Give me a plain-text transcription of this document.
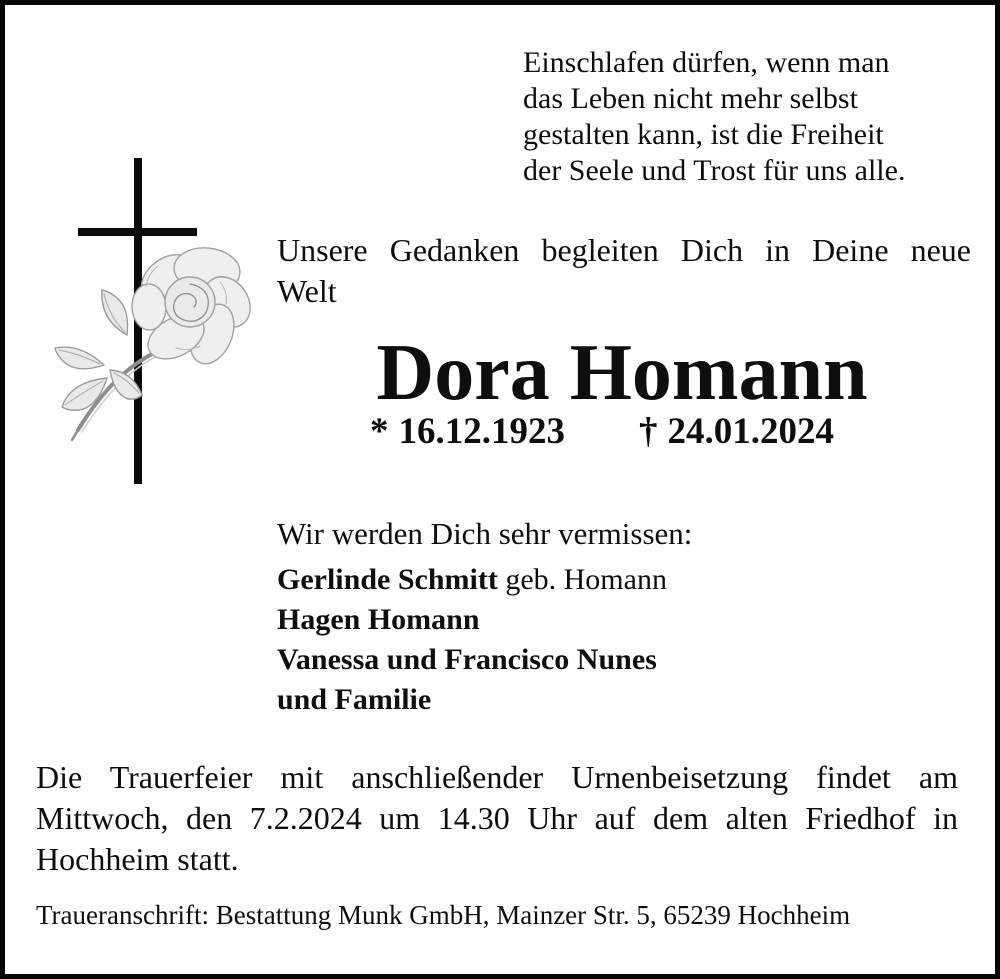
Einschlafen dürfen, wenn man
das Leben nicht mehr selbst
gestalten kann, ist die Freiheit
der Seele und Trost für uns alle.
Unsere Gedanken begleiten Dich in Deine neue
Welt
Dora Homann
* 16.12.1923 † 24.01.2024
Wir werden Dich sehr vermissen:
Gerlinde Schmitt geb. Homann
Hagen Homann
Vanessa und Francisco Nunes
und Familie
Die Trauerfeier mit anschließender Urnenbeisetzung findet am
Mittwoch, den 7.2.2024 um 14.30 Uhr auf dem alten Friedhof in
Hochheim statt.
Traueranschrift: Bestattung Munk GmbH, Mainzer Str. 5, 65239 Hochheim
